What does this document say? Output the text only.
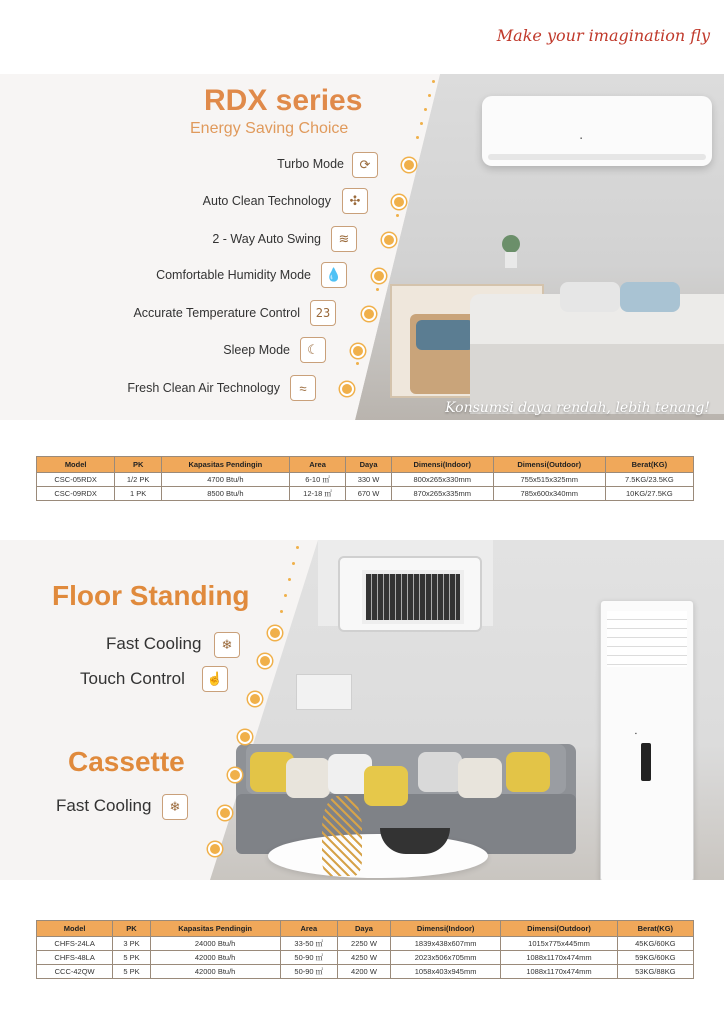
Make your imagination fly
▪
RDX series
Energy Saving Choice
Turbo Mode	⟳
Auto Clean Technology	✣
2 - Way Auto Swing	≋
Comfortable Humidity Mode	💧
Accurate Temperature Control	23
Sleep Mode	☾
Fresh Clean Air Technology	≈
Konsumsi daya rendah, lebih tenang!
Model	PK	Kapasitas Pendingin	Area	Daya	Dimensi(Indoor)	Dimensi(Outdoor)	Berat(KG)
CSC-05RDX	1/2 PK	4700 Btu/h	6-10 ㎡	330 W	800x265x330mm	755x515x325mm	7.5KG/23.5KG
CSC-09RDX	1 PK	8500 Btu/h	12-18 ㎡	670 W	870x265x335mm	785x600x340mm	10KG/27.5KG
▪
Floor Standing
Fast Cooling	❄
Touch Control	☝
Cassette
Fast Cooling	❄
Model	PK	Kapasitas Pendingin	Area	Daya	Dimensi(Indoor)	Dimensi(Outdoor)	Berat(KG)
CHFS-24LA	3 PK	24000 Btu/h	33-50 ㎡	2250 W	1839x438x607mm	1015x775x445mm	45KG/60KG
CHFS-48LA	5 PK	42000 Btu/h	50-90 ㎡	4250 W	2023x506x705mm	1088x1170x474mm	59KG/60KG
CCC-42QW	5 PK	42000 Btu/h	50-90 ㎡	4200 W	1058x403x945mm	1088x1170x474mm	53KG/88KG
